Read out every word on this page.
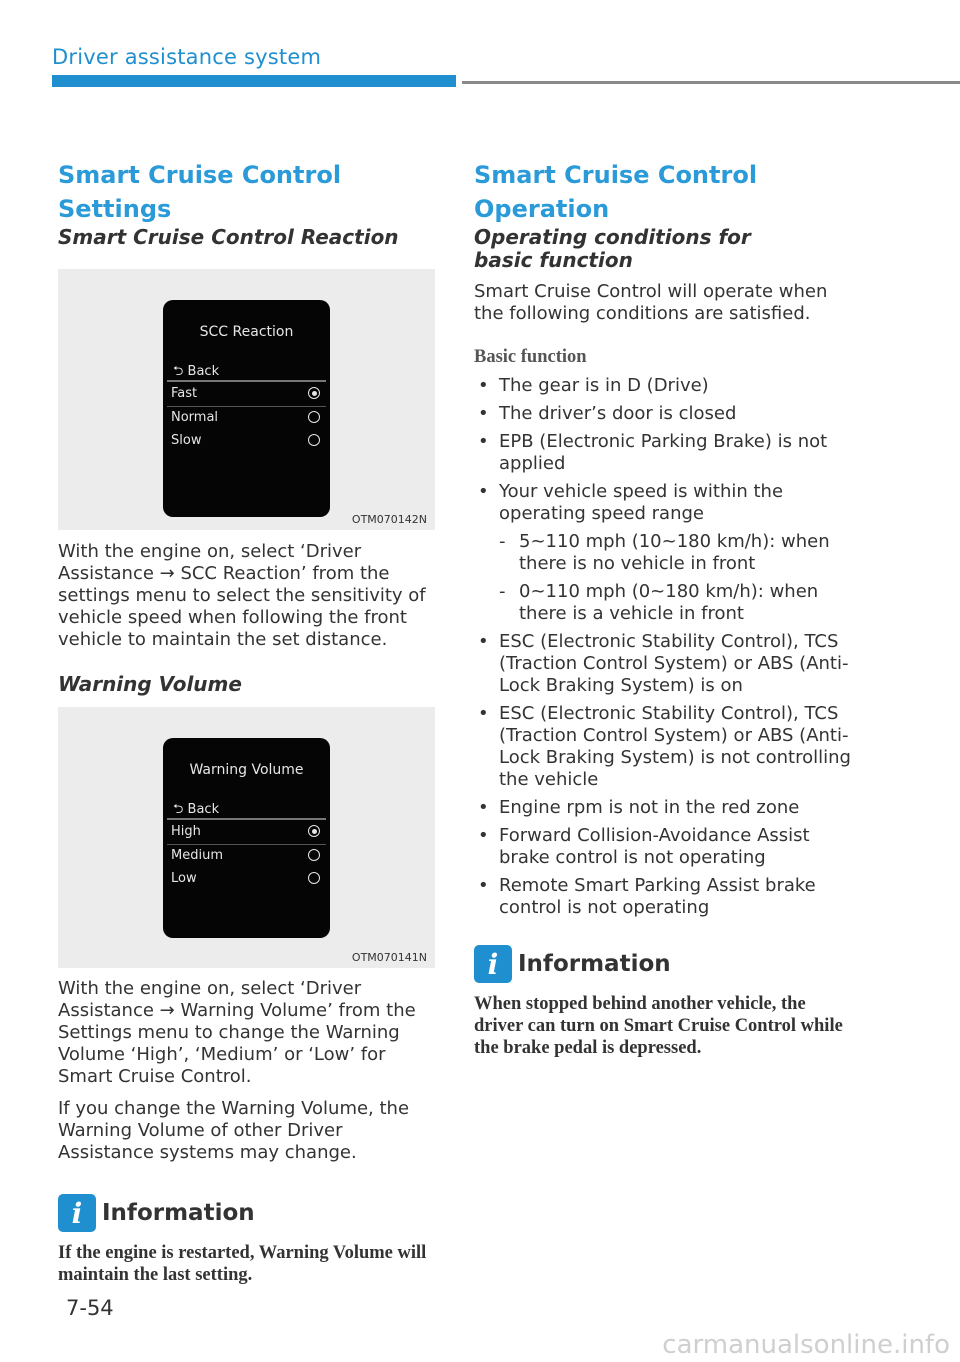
Driver assistance system
Smart Cruise Control Settings
Smart Cruise Control Reaction
SCC Reaction
⮌ Back
Fast
Normal
Slow
OTM070142N

With the engine on, select ‘Driver Assistance → SCC Reaction’ from the settings menu to select the sensitivity of vehicle speed when following the front vehicle to maintain the set distance.

Warning Volume
Warning Volume
⮌ Back
High
Medium
Low
OTM070141N

With the engine on, select ‘Driver Assistance → Warning Volume’ from the Settings menu to change the Warning Volume ‘High’, ‘Medium’ or ‘Low’ for Smart Cruise Control.

If you change the Warning Volume, the Warning Volume of other Driver Assistance systems may change.

i Information

If the engine is restarted, Warning Volume will maintain the last setting.

Smart Cruise Control Operation
Operating conditions for basic function

Smart Cruise Control will operate when the following conditions are satisfied.

Basic function

• The gear is in D (Drive)
• The driver’s door is closed
• EPB (Electronic Parking Brake) is not applied
• Your vehicle speed is within the operating speed range
- 5~110 mph (10~180 km/h): when there is no vehicle in front
- 0~110 mph (0~180 km/h): when there is a vehicle in front
• ESC (Electronic Stability Control), TCS (Traction Control System) or ABS (Anti-Lock Braking System) is on
• ESC (Electronic Stability Control), TCS (Traction Control System) or ABS (Anti-Lock Braking System) is not controlling the vehicle
• Engine rpm is not in the red zone
• Forward Collision-Avoidance Assist brake control is not operating
• Remote Smart Parking Assist brake control is not operating
i Information

When stopped behind another vehicle, the driver can turn on Smart Cruise Control while the brake pedal is depressed.

7-54
carmanualsonline.info
